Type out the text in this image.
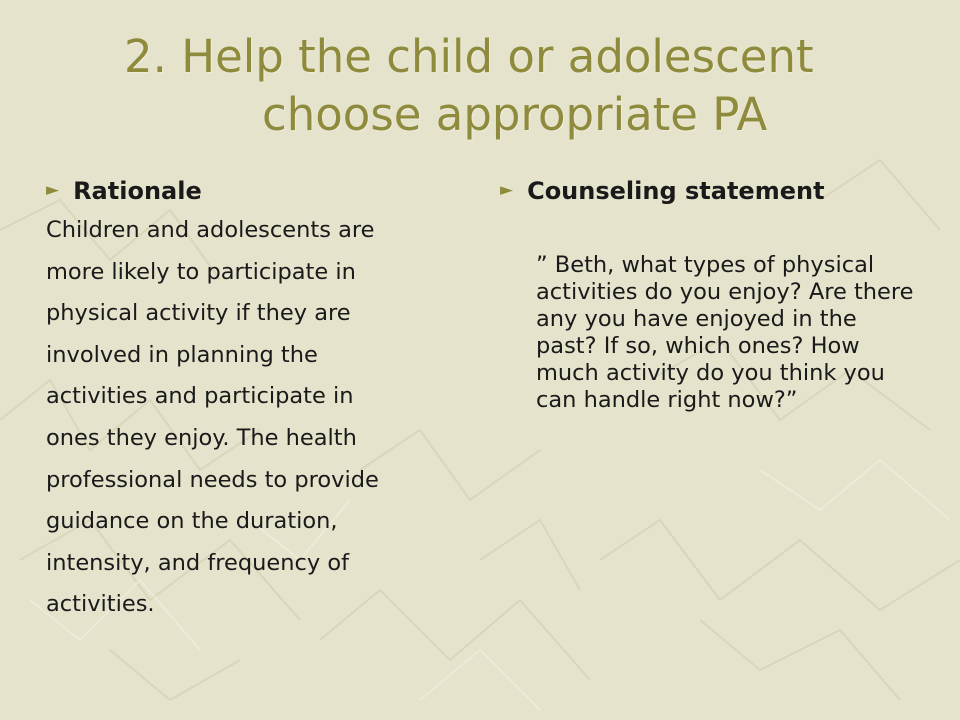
2. Help the child or adolescent
choose appropriate PA
► Rationale
Children and adolescents are
more likely to participate in
physical activity if they are
involved in planning the
activities and participate in
ones they enjoy. The health
professional needs to provide
guidance on the duration,
intensity, and frequency of
activities.
► Counseling statement
” Beth, what types of physical activities do you enjoy? Are there any you have enjoyed in the past? If so, which ones? How much activity do you think you can handle right now?”
